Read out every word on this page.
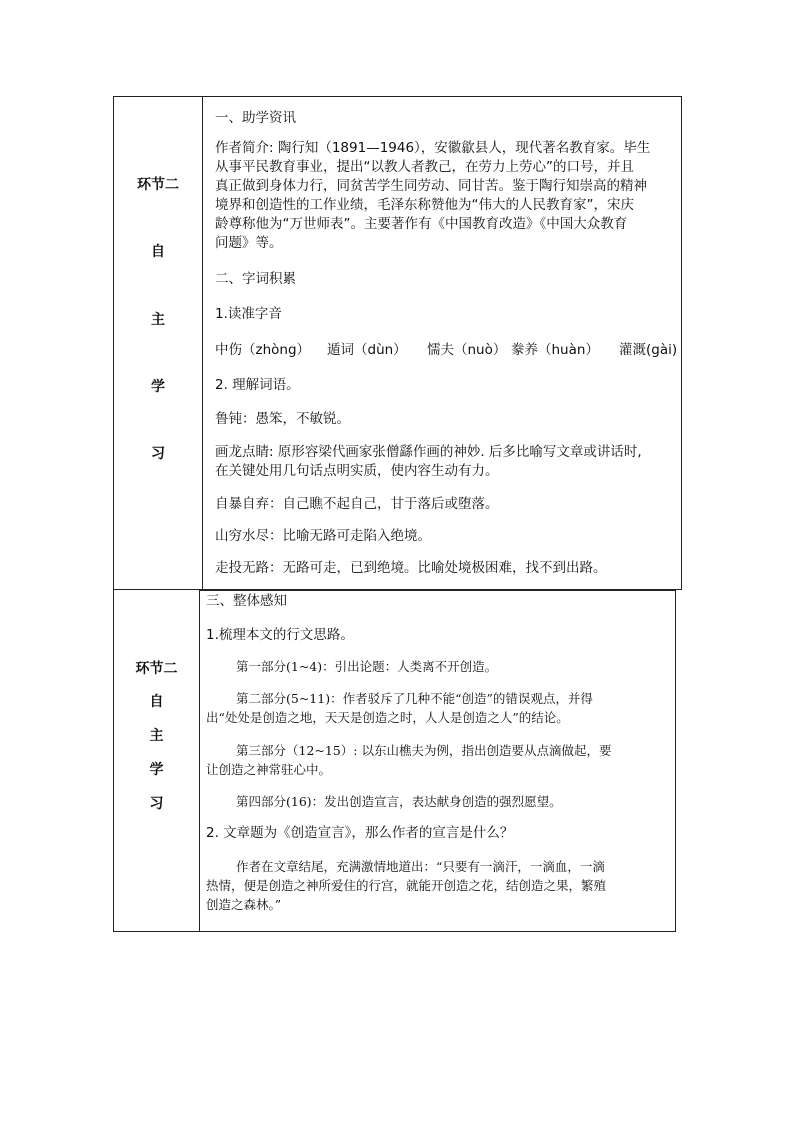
环节二
自
主
学
习
一、助学资讯
作者简介: 陶行知（1891—1946），安徽歙县人，现代著名教育家。毕生
从事平民教育事业，提出“以教人者教己，在劳力上劳心”的口号，并且
真正做到身体力行，同贫苦学生同劳动、同甘苦。鉴于陶行知崇高的精神
境界和创造性的工作业绩，毛泽东称赞他为“伟大的人民教育家”，宋庆
龄尊称他为“万世师表”。主要著作有《中国教育改造》《中国大众教育
问题》等。
二、字词积累
1.读准字音
中伤（zhòng） 遁词（dùn） 懦夫（nuò） 豢养（huàn） 灌溉(gài)
2. 理解词语。
鲁钝：愚笨，不敏锐。
画龙点睛: 原形容梁代画家张僧繇作画的神妙. 后多比喻写文章或讲话时,
在关键处用几句话点明实质，使内容生动有力。
自暴自弃：自己瞧不起自己，甘于落后或堕落。
山穷水尽：比喻无路可走陷入绝境。
走投无路：无路可走，已到绝境。比喻处境极困难，找不到出路。
环节二
自
主
学
习
三、整体感知
1.梳理本文的行文思路。
第一部分(1~4)：引出论题：人类离不开创造。
第二部分(5~11)：作者驳斥了几种不能“创造”的错误观点，并得
出“处处是创造之地，天天是创造之时，人人是创造之人”的结论。
第三部分（12~15）: 以东山樵夫为例，指出创造要从点滴做起，要
让创造之神常驻心中。
第四部分(16)：发出创造宣言，表达献身创造的强烈愿望。
2. 文章题为《创造宣言》，那么作者的宣言是什么？
作者在文章结尾，充满激情地道出：“只要有一滴汗，一滴血，一滴
热情，便是创造之神所爱住的行宫，就能开创造之花，结创造之果，繁殖
创造之森林。”
